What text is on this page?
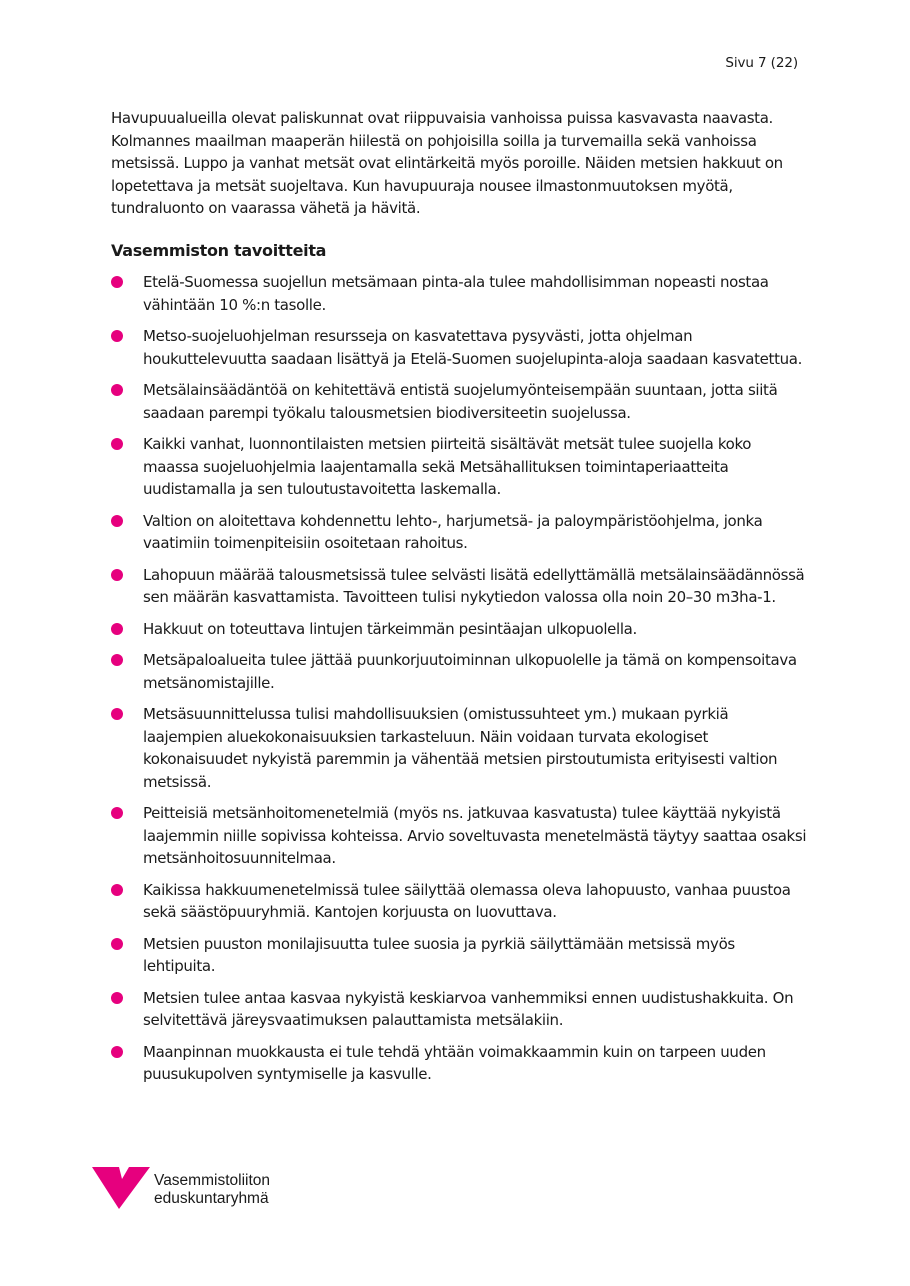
Sivu 7 (22)

Havupuualueilla olevat paliskunnat ovat riippuvaisia vanhoissa puissa kasvavasta naavasta. Kolmannes maailman maaperän hiilestä on pohjoisilla soilla ja turvemailla sekä vanhoissa metsissä. Luppo ja vanhat metsät ovat elintärkeitä myös poroille. Näiden metsien hakkuut on lopetettava ja metsät suojeltava. Kun havupuuraja nousee ilmastonmuutoksen myötä, tundraluonto on vaarassa vähetä ja hävitä.

Vasemmiston tavoitteita
Etelä-Suomessa suojellun metsämaan pinta-ala tulee mahdollisimman nopeasti nostaa vähintään 10 %:n tasolle.
Metso-suojeluohjelman resursseja on kasvatettava pysyvästi, jotta ohjelman houkuttelevuutta saadaan lisättyä ja Etelä-Suomen suojelupinta-aloja saadaan kasvatettua.
Metsälainsäädäntöä on kehitettävä entistä suojelumyönteisempään suuntaan, jotta siitä saadaan parempi työkalu talousmetsien biodiversiteetin suojelussa.
Kaikki vanhat, luonnontilaisten metsien piirteitä sisältävät metsät tulee suojella koko maassa suojeluohjelmia laajentamalla sekä Metsähallituksen toimintaperiaatteita uudistamalla ja sen tuloutustavoitetta laskemalla.
Valtion on aloitettava kohdennettu lehto-, harjumetsä- ja paloympäristöohjelma, jonka vaatimiin toimenpiteisiin osoitetaan rahoitus.
Lahopuun määrää talousmetsissä tulee selvästi lisätä edellyttämällä metsälainsäädännössä sen määrän kasvattamista. Tavoitteen tulisi nykytiedon valossa olla noin 20–30 m3ha-1.
Hakkuut on toteuttava lintujen tärkeimmän pesintäajan ulkopuolella.
Metsäpaloalueita tulee jättää puunkorjuutoiminnan ulkopuolelle ja tämä on kompensoitava metsänomistajille.
Metsäsuunnittelussa tulisi mahdollisuuksien (omistussuhteet ym.) mukaan pyrkiä laajempien aluekokonaisuuksien tarkasteluun. Näin voidaan turvata ekologiset kokonaisuudet nykyistä paremmin ja vähentää metsien pirstoutumista erityisesti valtion metsissä.
Peitteisiä metsänhoitomenetelmiä (myös ns. jatkuvaa kasvatusta) tulee käyttää nykyistä laajemmin niille sopivissa kohteissa. Arvio soveltuvasta menetelmästä täytyy saattaa osaksi metsänhoitosuunnitelmaa.
Kaikissa hakkuumenetelmissä tulee säilyttää olemassa oleva lahopuusto, vanhaa puustoa sekä säästöpuuryhmiä. Kantojen korjuusta on luovuttava.
Metsien puuston monilajisuutta tulee suosia ja pyrkiä säilyttämään metsissä myös lehtipuita.
Metsien tulee antaa kasvaa nykyistä keskiarvoa vanhemmiksi ennen uudistushakkuita. On selvitettävä järeysvaatimuksen palauttamista metsälakiin.
Maanpinnan muokkausta ei tule tehdä yhtään voimakkaammin kuin on tarpeen uuden puusukupolven syntymiselle ja kasvulle.
Vasemmistoliiton
eduskuntaryhmä
